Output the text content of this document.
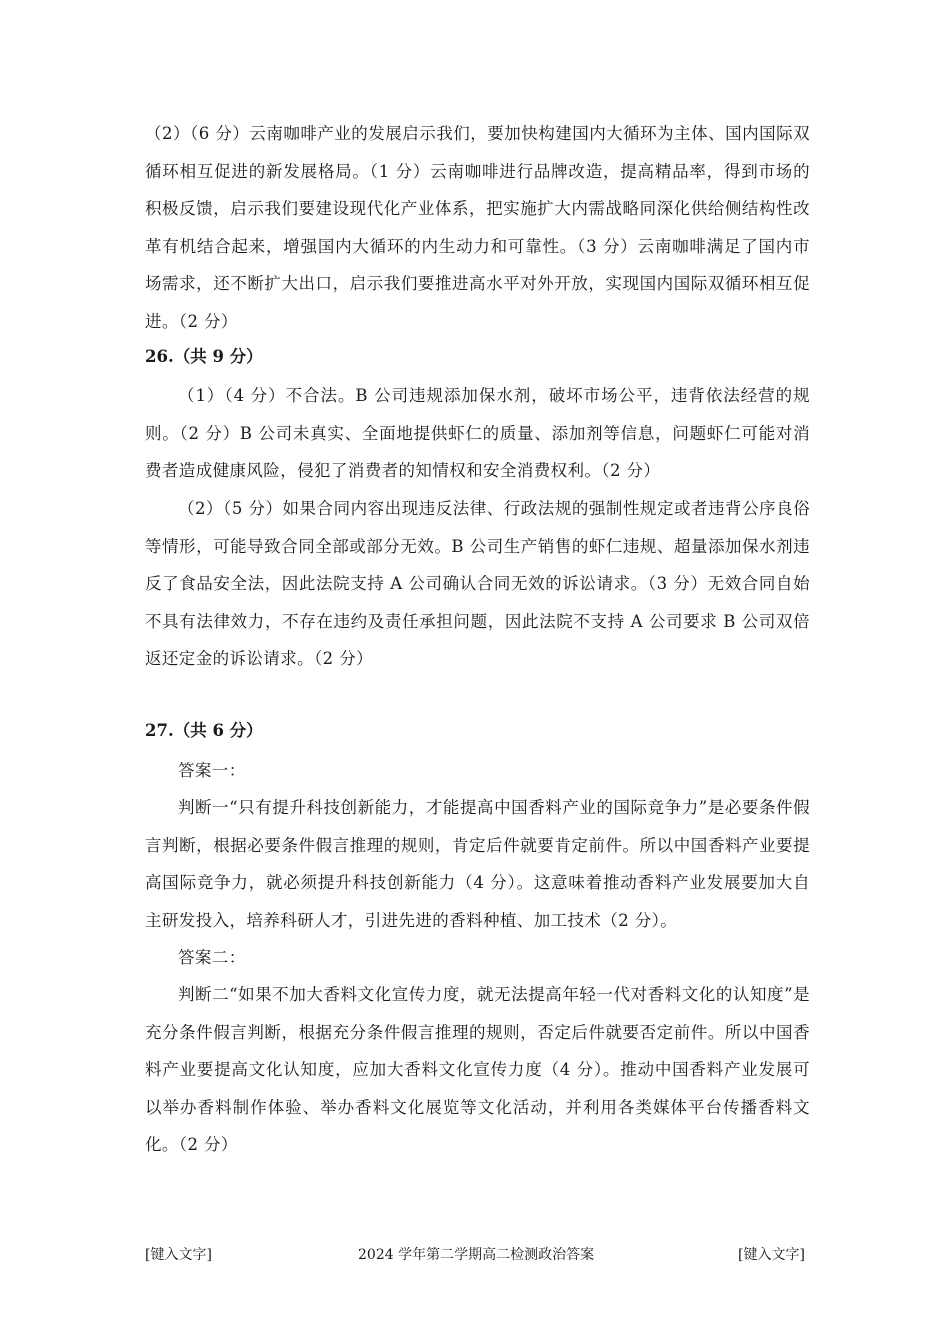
（2）（6 分）云南咖啡产业的发展启示我们，要加快构建国内大循环为主体、国内国际双循环相互促进的新发展格局。（1 分）云南咖啡进行品牌改造，提高精品率，得到市场的积极反馈，启示我们要建设现代化产业体系，把实施扩大内需战略同深化供给侧结构性改革有机结合起来，增强国内大循环的内生动力和可靠性。（3 分）云南咖啡满足了国内市场需求，还不断扩大出口，启示我们要推进高水平对外开放，实现国内国际双循环相互促进。（2 分）

26.（共 9 分）

（1）（4 分）不合法。B 公司违规添加保水剂，破坏市场公平，违背依法经营的规则。（2 分）B 公司未真实、全面地提供虾仁的质量、添加剂等信息，问题虾仁可能对消费者造成健康风险，侵犯了消费者的知情权和安全消费权利。（2 分）

（2）（5 分）如果合同内容出现违反法律、行政法规的强制性规定或者违背公序良俗等情形，可能导致合同全部或部分无效。B 公司生产销售的虾仁违规、超量添加保水剂违反了食品安全法，因此法院支持 A 公司确认合同无效的诉讼请求。（3 分）无效合同自始不具有法律效力，不存在违约及责任承担问题，因此法院不支持 A 公司要求 B 公司双倍返还定金的诉讼请求。（2 分）

27.（共 6 分）

答案一：

判断一“只有提升科技创新能力，才能提高中国香料产业的国际竞争力”是必要条件假言判断，根据必要条件假言推理的规则，肯定后件就要肯定前件。所以中国香料产业要提高国际竞争力，就必须提升科技创新能力（4 分）。这意味着推动香料产业发展要加大自主研发投入，培养科研人才，引进先进的香料种植、加工技术（2 分）。

答案二：

判断二“如果不加大香料文化宣传力度，就无法提高年轻一代对香料文化的认知度”是充分条件假言判断，根据充分条件假言推理的规则，否定后件就要否定前件。所以中国香料产业要提高文化认知度，应加大香料文化宣传力度（4 分）。推动中国香料产业发展可以举办香料制作体验、举办香料文化展览等文化活动，并利用各类媒体平台传播香料文化。（2 分）

[键入文字]	2024 学年第二学期高二检测政治答案	[键入文字]
